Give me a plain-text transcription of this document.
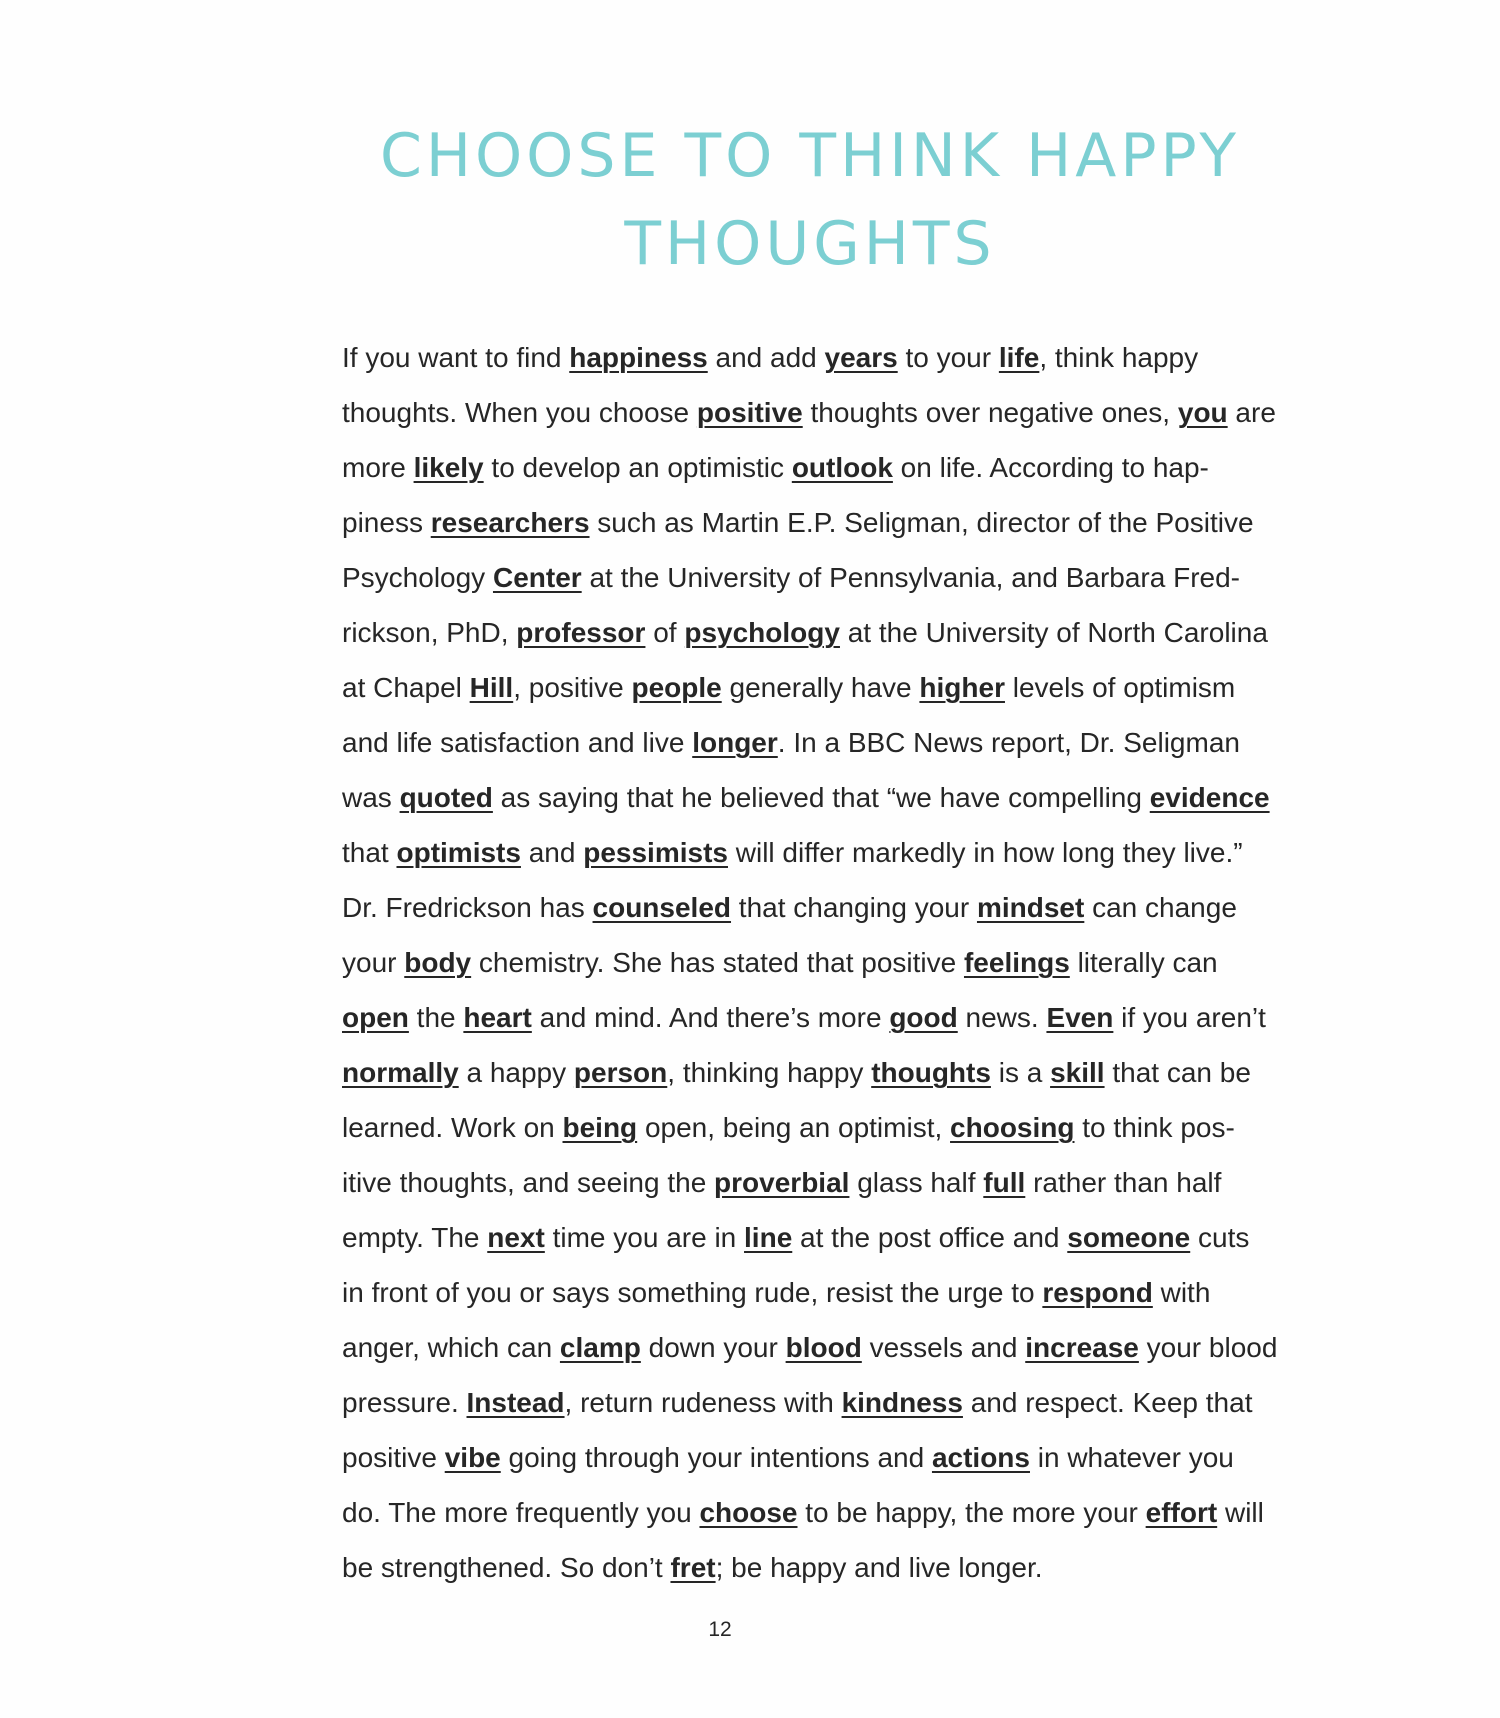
CHOOSE TO THINK HAPPY
THOUGHTS
If you want to find happiness and add years to your life, think happy
thoughts. When you choose positive thoughts over negative ones, you are
more likely to develop an optimistic outlook on life. According to hap-
piness researchers such as Martin E.P. Seligman, director of the Positive
Psychology Center at the University of Pennsylvania, and Barbara Fred-
rickson, PhD, professor of psychology at the University of North Carolina
at Chapel Hill, positive people generally have higher levels of optimism
and life satisfaction and live longer. In a BBC News report, Dr. Seligman
was quoted as saying that he believed that “we have compelling evidence
that optimists and pessimists will differ markedly in how long they live.”
Dr. Fredrickson has counseled that changing your mindset can change
your body chemistry. She has stated that positive feelings literally can
open the heart and mind. And there’s more good news. Even if you aren’t
normally a happy person, thinking happy thoughts is a skill that can be
learned. Work on being open, being an optimist, choosing to think pos-
itive thoughts, and seeing the proverbial glass half full rather than half
empty. The next time you are in line at the post office and someone cuts
in front of you or says something rude, resist the urge to respond with
anger, which can clamp down your blood vessels and increase your blood
pressure. Instead, return rudeness with kindness and respect. Keep that
positive vibe going through your intentions and actions in whatever you
do. The more frequently you choose to be happy, the more your effort will
be strengthened. So don’t fret; be happy and live longer.
12
